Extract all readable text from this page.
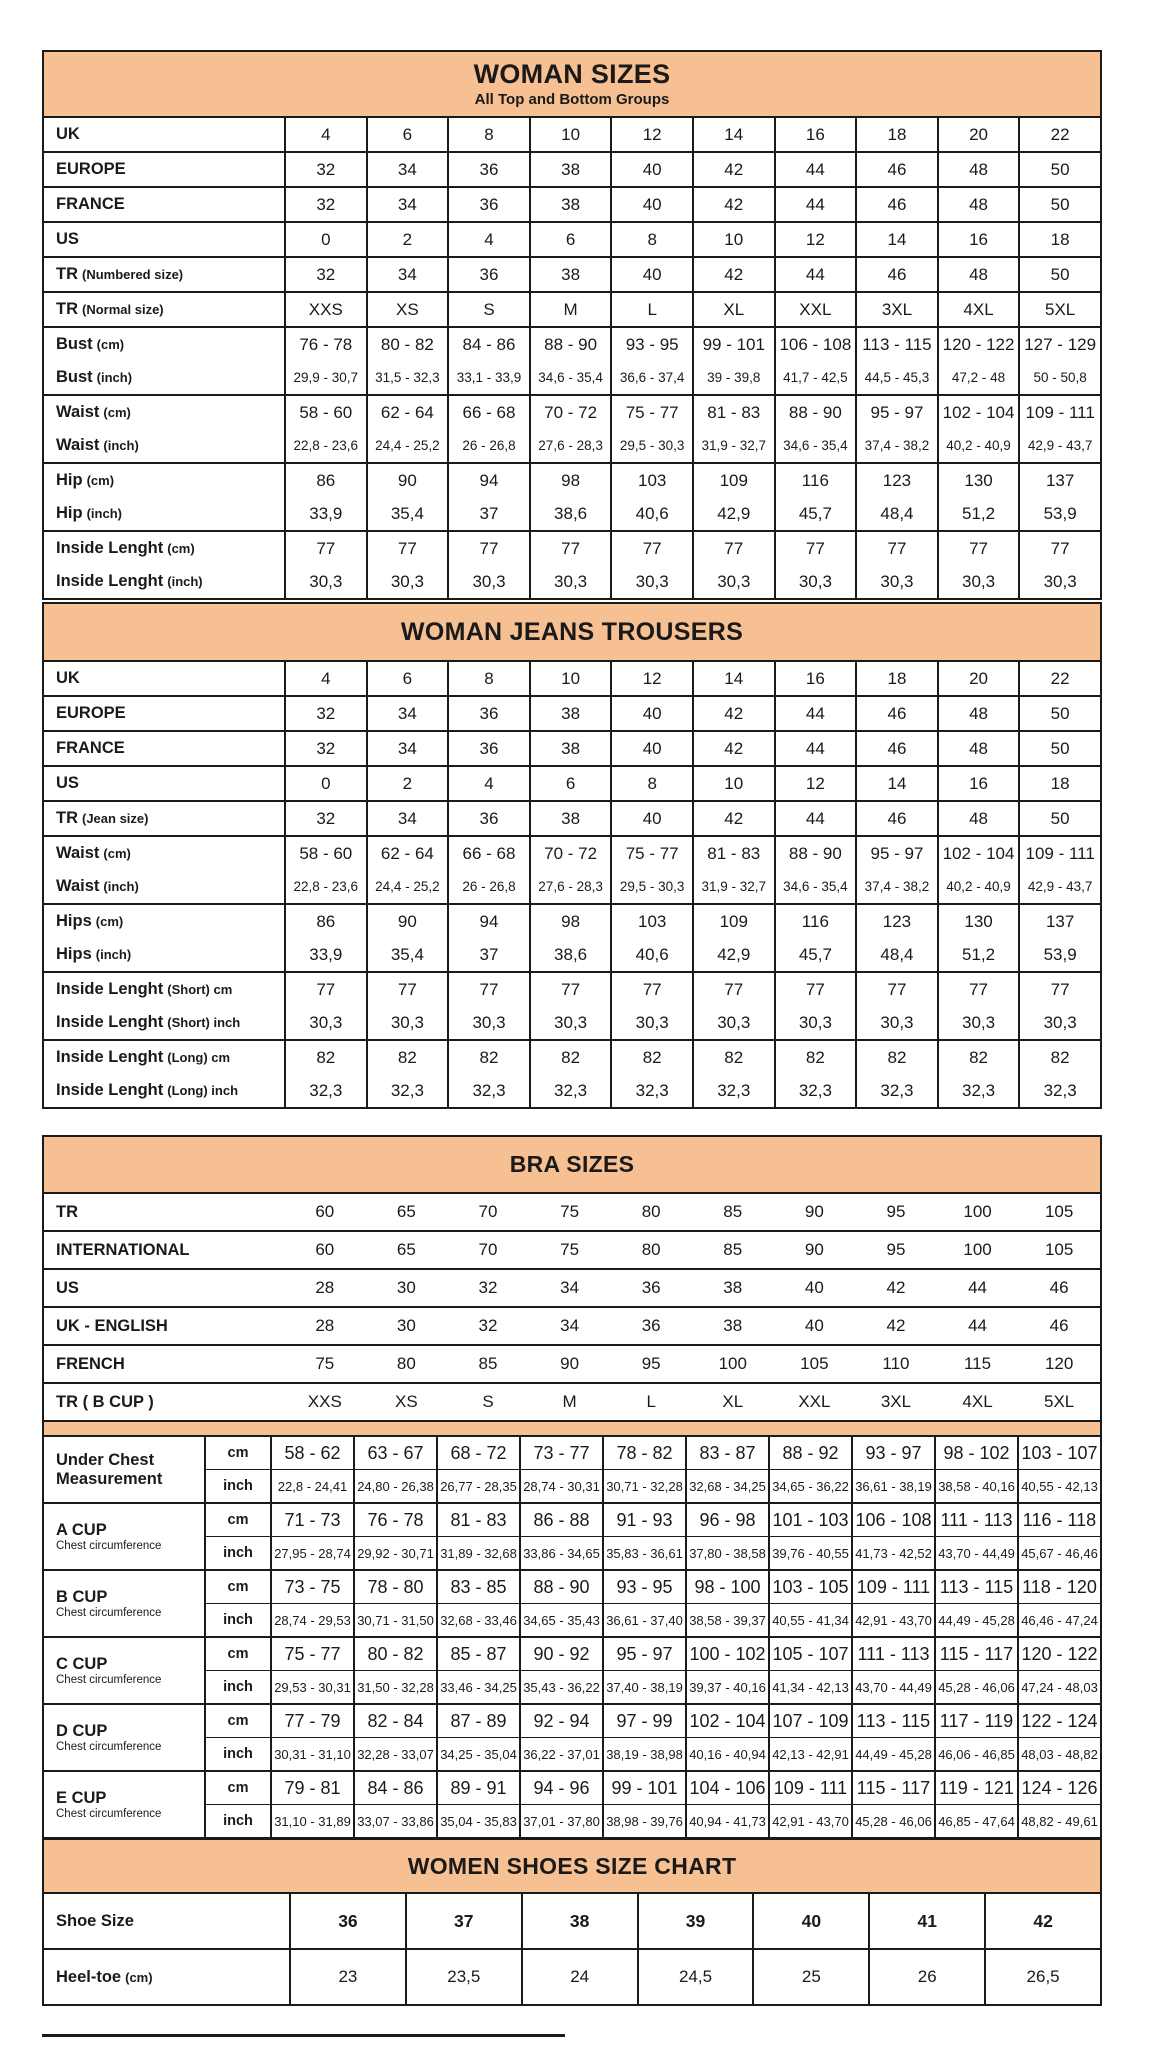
WOMAN SIZES
All Top and Bottom Groups
UK	4	6	8	10	12	14	16	18	20	22
EUROPE	32	34	36	38	40	42	44	46	48	50
FRANCE	32	34	36	38	40	42	44	46	48	50
US	0	2	4	6	8	10	12	14	16	18
TR (Numbered size)	32	34	36	38	40	42	44	46	48	50
TR (Normal size)	XXS	XS	S	M	L	XL	XXL	3XL	4XL	5XL
Bust (cm)	76 - 78	80 - 82	84 - 86	88 - 90	93 - 95	99 - 101 106 - 108 113 - 115 120 - 122 127 - 129
Bust (inch)	29,9 - 30,7	31,5 - 32,3	33,1 - 33,9	34,6 - 35,4	36,6 - 37,4	39 - 39,8	41,7 - 42,5	44,5 - 45,3	47,2 - 48	50 - 50,8
Waist (cm)	58 - 60	62 - 64	66 - 68	70 - 72	75 - 77	81 - 83	88 - 90	95 - 97	102 - 104 109 - 111
Waist (inch)	22,8 - 23,6	24,4 - 25,2	26 - 26,8	27,6 - 28,3	29,5 - 30,3	31,9 - 32,7	34,6 - 35,4	37,4 - 38,2	40,2 - 40,9	42,9 - 43,7
Hip (cm)	86	90	94	98	103	109	116	123	130	137
Hip (inch)	33,9	35,4	37	38,6	40,6	42,9	45,7	48,4	51,2	53,9
Inside Lenght (cm)	77	77	77	77	77	77	77	77	77	77
Inside Lenght (inch)	30,3	30,3	30,3	30,3	30,3	30,3	30,3	30,3	30,3	30,3
WOMAN JEANS TROUSERS
UK	4	6	8	10	12	14	16	18	20	22
EUROPE	32	34	36	38	40	42	44	46	48	50
FRANCE	32	34	36	38	40	42	44	46	48	50
US	0	2	4	6	8	10	12	14	16	18
TR (Jean size)	32	34	36	38	40	42	44	46	48	50
Waist (cm)	58 - 60	62 - 64	66 - 68	70 - 72	75 - 77	81 - 83	88 - 90	95 - 97	102 - 104 109 - 111
Waist (inch)	22,8 - 23,6	24,4 - 25,2	26 - 26,8	27,6 - 28,3	29,5 - 30,3	31,9 - 32,7	34,6 - 35,4	37,4 - 38,2	40,2 - 40,9	42,9 - 43,7
Hips (cm)	86	90	94	98	103	109	116	123	130	137
Hips (inch)	33,9	35,4	37	38,6	40,6	42,9	45,7	48,4	51,2	53,9
Inside Lenght (Short) cm	77	77	77	77	77	77	77	77	77	77
Inside Lenght (Short) inch	30,3	30,3	30,3	30,3	30,3	30,3	30,3	30,3	30,3	30,3
Inside Lenght (Long) cm	82	82	82	82	82	82	82	82	82	82
Inside Lenght (Long) inch	32,3	32,3	32,3	32,3	32,3	32,3	32,3	32,3	32,3	32,3
BRA SIZES
TR	60	65	70	75	80	85	90	95	100	105
INTERNATIONAL	60	65	70	75	80	85	90	95	100	105
US	28	30	32	34	36	38	40	42	44	46
UK - ENGLISH	28	30	32	34	36	38	40	42	44	46
FRENCH	75	80	85	90	95	100	105	110	115	120
TR ( B CUP )	XXS	XS	S	M	L	XL	XXL	3XL	4XL	5XL
Under Chest Measurement
cm	58 - 62	63 - 67	68 - 72	73 - 77	78 - 82	83 - 87	88 - 92	93 - 97	98 - 102 103 - 107
inch	22,8 - 24,41 24,80 - 26,38 26,77 - 28,35 28,74 - 30,31 30,71 - 32,28 32,68 - 34,25 34,65 - 36,22 36,61 - 38,19 38,58 - 40,16 40,55 - 42,13
A CUP
Chest circumference
cm	71 - 73	76 - 78	81 - 83	86 - 88	91 - 93	96 - 98 101 - 103 106 - 108 111 - 113 116 - 118
inch	27,95 - 28,74 29,92 - 30,71 31,89 - 32,68 33,86 - 34,65 35,83 - 36,61 37,80 - 38,58 39,76 - 40,55 41,73 - 42,52 43,70 - 44,49 45,67 - 46,46
B CUP
Chest circumference
cm	73 - 75	78 - 80	83 - 85	88 - 90	93 - 95	98 - 100 103 - 105 109 - 111 113 - 115 118 - 120
inch	28,74 - 29,53 30,71 - 31,50 32,68 - 33,46 34,65 - 35,43 36,61 - 37,40 38,58 - 39,37 40,55 - 41,34 42,91 - 43,70 44,49 - 45,28 46,46 - 47,24
C CUP
Chest circumference
cm	75 - 77	80 - 82	85 - 87	90 - 92	95 - 97 100 - 102 105 - 107 111 - 113 115 - 117 120 - 122
inch	29,53 - 30,31 31,50 - 32,28 33,46 - 34,25 35,43 - 36,22 37,40 - 38,19 39,37 - 40,16 41,34 - 42,13 43,70 - 44,49 45,28 - 46,06 47,24 - 48,03
D CUP
Chest circumference
cm	77 - 79	82 - 84	87 - 89	92 - 94	97 - 99 102 - 104 107 - 109 113 - 115 117 - 119 122 - 124
inch	30,31 - 31,10 32,28 - 33,07 34,25 - 35,04 36,22 - 37,01 38,19 - 38,98 40,16 - 40,94 42,13 - 42,91 44,49 - 45,28 46,06 - 46,85 48,03 - 48,82
E CUP
Chest circumference
cm	79 - 81	84 - 86	89 - 91	94 - 96	99 - 101 104 - 106 109 - 111 115 - 117 119 - 121 124 - 126
inch	31,10 - 31,89 33,07 - 33,86 35,04 - 35,83 37,01 - 37,80 38,98 - 39,76 40,94 - 41,73 42,91 - 43,70 45,28 - 46,06 46,85 - 47,64 48,82 - 49,61
WOMEN SHOES SIZE CHART
Shoe Size	36	37	38	39	40	41	42
Heel-toe (cm)	23	23,5	24	24,5	25	26	26,5
